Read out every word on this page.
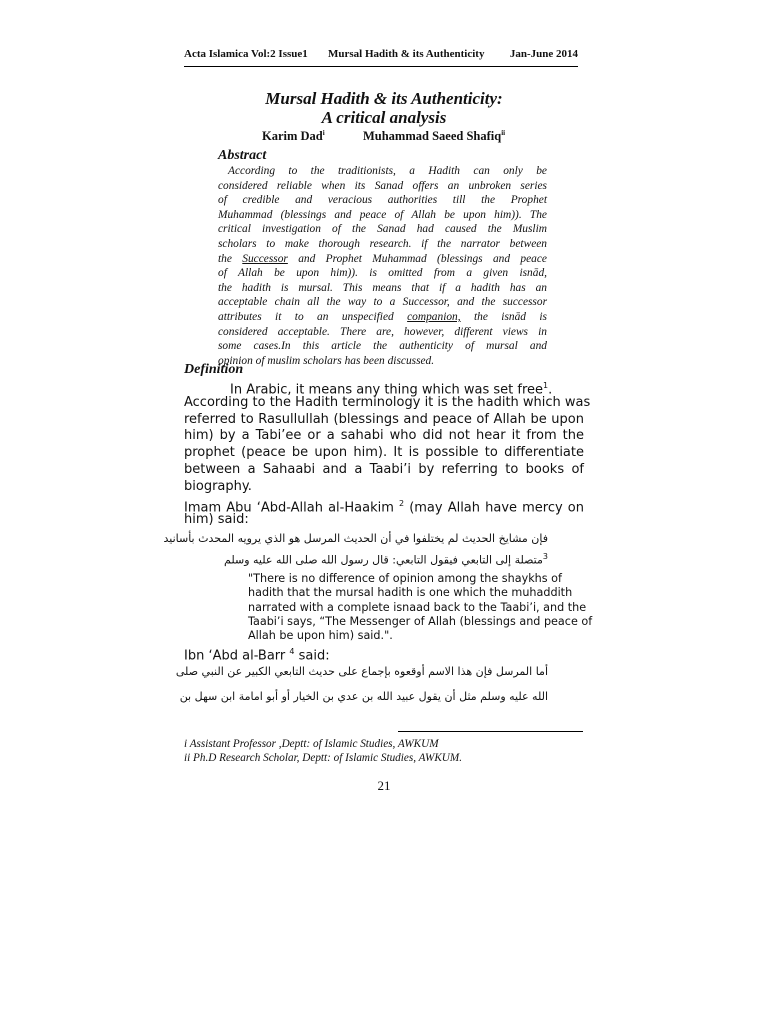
Acta Islamica Vol:2 Issue1 Mursal Hadith & its Authenticity Jan-June 2014
Mursal Hadith & its Authenticity:
A critical analysis
Karim Dad$^i$	Muhammad Saeed Shafiq$^{ii}$
Abstract
According to the traditionists, a Hadith can only be
considered reliable when its Sanad offers an unbroken series
of credible and veracious authorities till the Prophet
Muhammad (blessings and peace of Allah be upon him)). The
critical investigation of the Sanad had caused the Muslim
scholars to make thorough research. if the narrator between
the Successor and Prophet Muhammad (blessings and peace
of Allah be upon him)). is omitted from a given isnād,
the hadith is mursal. This means that if a hadith has an
acceptable chain all the way to a Successor, and the successor
attributes it to an unspecified companion, the isnād is
considered acceptable. There are, however, different views in
some cases.In this article the authenticity of mursal and
opinion of muslim scholars has been discussed.
Definition
In Arabic, it means any thing which was set free$^1$.
According to the Hadith terminology it is the hadith which was
referred to Rasullullah (blessings and peace of Allah be upon
him) by a Tabi’ee or a sahabi who did not hear it from the
prophet (peace be upon him). It is possible to differentiate
between a Sahaabi and a Taabi’i by referring to books of
biography.
Imam Abu ‘Abd-Allah al-Haakim $^2$ (may Allah have mercy on
him) said:
فإن مشايخ الحديث لم يختلفوا في أن الحديث المرسل هو الذي يرويه المحدث بأسانيد
$^3$متصلة إلى التابعي فيقول التابعي: قال رسول الله صلى الله عليه وسلم
"There is no difference of opinion among the shaykhs of
hadith that the mursal hadith is one which the muhaddith
narrated with a complete isnaad back to the Taabi’i, and the
Taabi’i says, “The Messenger of Allah (blessings and peace of
Allah be upon him) said.".
Ibn ‘Abd al-Barr $^4$ said:
أما المرسل فإن هذا الاسم أوقعوه بإجماع على حديث التابعي الكبير عن النبي صلى
الله عليه وسلم مثل أن يقول عبيد الله بن عدي بن الخيار أو أبو امامة ابن سهل بن
i Assistant Professor ,Deptt: of Islamic Studies, AWKUM
ii Ph.D Research Scholar, Deptt: of Islamic Studies, AWKUM.
21
